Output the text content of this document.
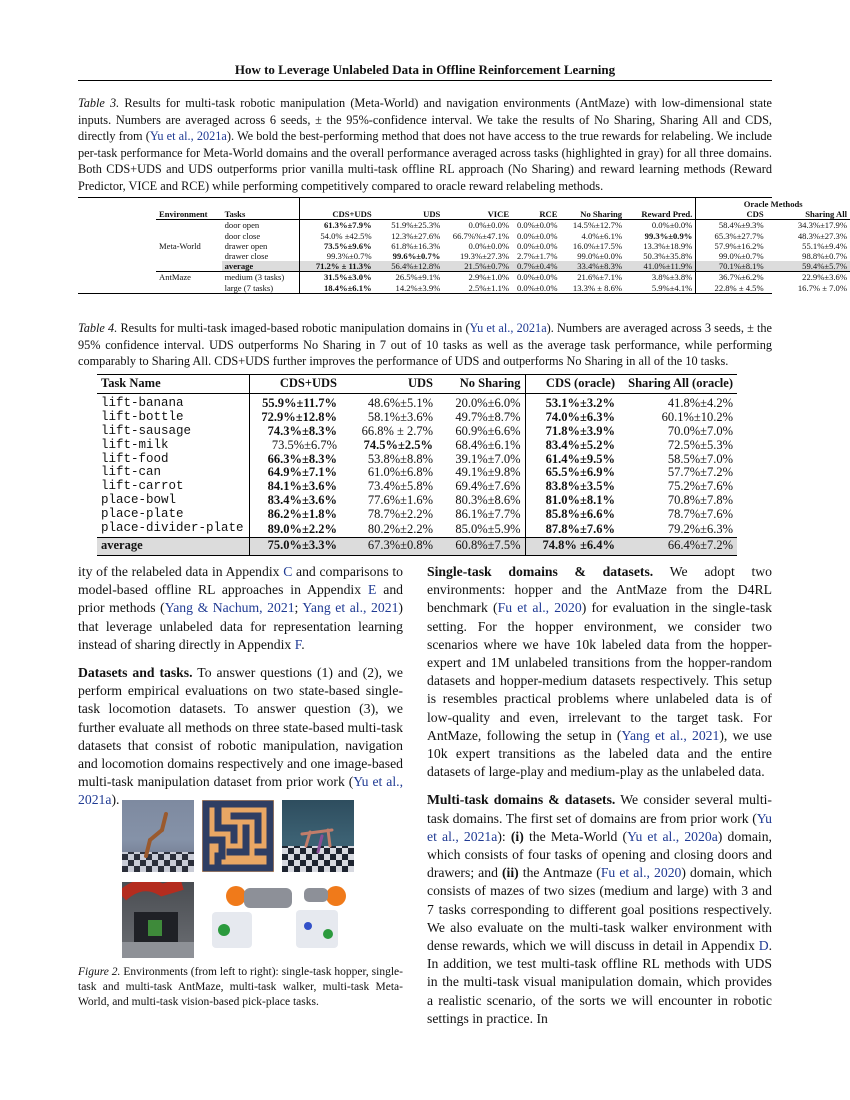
How to Leverage Unlabeled Data in Offline Reinforcement Learning
Table 3. Results for multi-task robotic manipulation (Meta-World) and navigation environments (AntMaze) with low-dimensional state inputs. Numbers are averaged across 6 seeds, ± the 95%-confidence interval. We take the results of No Sharing, Sharing All and CDS, directly from (Yu et al., 2021a). We bold the best-performing method that does not have access to the true rewards for relabeling. We include per-task performance for Meta-World domains and the overall performance averaged across tasks (highlighted in gray) for all three domains. Both CDS+UDS and UDS outperforms prior vanilla multi-task offline RL approach (No Sharing) and reward learning methods (Reward Predictor, VICE and RCE) while performing competitively compared to oracle reward relabeling methods.
								Oracle Methods	
Environment	Tasks	CDS+UDS	UDS	VICE	RCE	No Sharing	Reward Pred.	CDS	Sharing All
Meta-World	door open	61.3%±7.9%	51.9%±25.3%	0.0%±0.0%	0.0%±0.0%	14.5%±12.7%	0.0%±0.0%	58.4%±9.3%	34.3%±17.9%
	door close	54.0% ±42.5%	12.3%±27.6%	66.7%%±47.1%	0.0%±0.0%	4.0%±6.1%	99.3%±0.9%	65.3%±27.7%	48.3%±27.3%
	drawer open	73.5%±9.6%	61.8%±16.3%	0.0%±0.0%	0.0%±0.0%	16.0%±17.5%	13.3%±18.9%	57.9%±16.2%	55.1%±9.4%
	drawer close	99.3%±0.7%	99.6%±0.7%	19.3%±27.3%	2.7%±1.7%	99.0%±0.0%	50.3%±35.8%	99.0%±0.7%	98.8%±0.7%
	average	71.2% ± 11.3%	56.4%±12.8%	21.5%±0.7%	0.7%±0.4%	33.4%±8.3%	41.0%±11.9%	70.1%±8.1%	59.4%±5.7%
AntMaze	medium (3 tasks)	31.5%±3.0%	26.5%±9.1%	2.9%±1.0%	0.0%±0.0%	21.6%±7.1%	3.8%±3.8%	36.7%±6.2%	22.9%±3.6%
	large (7 tasks)	18.4%±6.1%	14.2%±3.9%	2.5%±1.1%	0.0%±0.0%	13.3% ± 8.6%	5.9%±4.1%	22.8% ± 4.5%	16.7% ± 7.0%
Table 4. Results for multi-task imaged-based robotic manipulation domains in (Yu et al., 2021a). Numbers are averaged across 3 seeds, ± the 95% confidence interval. UDS outperforms No Sharing in 7 out of 10 tasks as well as the average task performance, while performing comparably to Sharing All. CDS+UDS further improves the performance of UDS and outperforms No Sharing in all of the 10 tasks.
Task Name	CDS+UDS	UDS	No Sharing	CDS (oracle)	Sharing All (oracle)
lift-banana	55.9%±11.7%	48.6%±5.1%	20.0%±6.0%	53.1%±3.2%	41.8%±4.2%
lift-bottle	72.9%±12.8%	58.1%±3.6%	49.7%±8.7%	74.0%±6.3%	60.1%±10.2%
lift-sausage	74.3%±8.3%	66.8% ± 2.7%	60.9%±6.6%	71.8%±3.9%	70.0%±7.0%
lift-milk	73.5%±6.7%	74.5%±2.5%	68.4%±6.1%	83.4%±5.2%	72.5%±5.3%
lift-food	66.3%±8.3%	53.8%±8.8%	39.1%±7.0%	61.4%±9.5%	58.5%±7.0%
lift-can	64.9%±7.1%	61.0%±6.8%	49.1%±9.8%	65.5%±6.9%	57.7%±7.2%
lift-carrot	84.1%±3.6%	73.4%±5.8%	69.4%±7.6%	83.8%±3.5%	75.2%±7.6%
place-bowl	83.4%±3.6%	77.6%±1.6%	80.3%±8.6%	81.0%±8.1%	70.8%±7.8%
place-plate	86.2%±1.8%	78.7%±2.2%	86.1%±7.7%	85.8%±6.6%	78.7%±7.6%
place-divider-plate	89.0%±2.2%	80.2%±2.2%	85.0%±5.9%	87.8%±7.6%	79.2%±6.3%
average	75.0%±3.3%	67.3%±0.8%	60.8%±7.5%	74.8% ±6.4%	66.4%±7.2%

ity of the relabeled data in Appendix C and comparisons to model-based offline RL approaches in Appendix E and prior methods (Yang & Nachum, 2021; Yang et al., 2021) that leverage unlabeled data for representation learning instead of sharing directly in Appendix F.

Datasets and tasks. To answer questions (1) and (2), we perform empirical evaluations on two state-based single-task locomotion datasets. To answer question (3), we further evaluate all methods on three state-based multi-task datasets that consist of robotic manipulation, navigation and locomotion domains respectively and one image-based multi-task manipulation dataset from prior work (Yu et al., 2021a).

Figure 2. Environments (from left to right): single-task hopper, single-task and multi-task AntMaze, multi-task walker, multi-task Meta-World, and multi-task vision-based pick-place tasks.

Single-task domains & datasets. We adopt two environments: hopper and the AntMaze from the D4RL benchmark (Fu et al., 2020) for evaluation in the single-task setting. For the hopper environment, we consider two scenarios where we have 10k labeled data from the hopper-expert and 1M unlabeled transitions from the hopper-random datasets and hopper-medium datasets respectively. This setup is resembles practical problems where unlabeled data is of low-quality and even, irrelevant to the target task. For AntMaze, following the setup in (Yang et al., 2021), we use 10k expert transitions as the labeled data and the entire datasets of large-play and medium-play as the unlabeled data.

Multi-task domains & datasets. We consider several multi-task domains. The first set of domains are from prior work (Yu et al., 2021a): (i) the Meta-World (Yu et al., 2020a) domain, which consists of four tasks of opening and closing doors and drawers; and (ii) the Antmaze (Fu et al., 2020) domain, which consists of mazes of two sizes (medium and large) with 3 and 7 tasks corresponding to different goal positions respectively. We also evaluate on the multi-task walker environment with dense rewards, which we will discuss in detail in Appendix D. In addition, we test multi-task offline RL methods with UDS in the multi-task visual manipulation domain, which provides a realistic scenario, of the sorts we will encounter in robotic settings in practice. In
